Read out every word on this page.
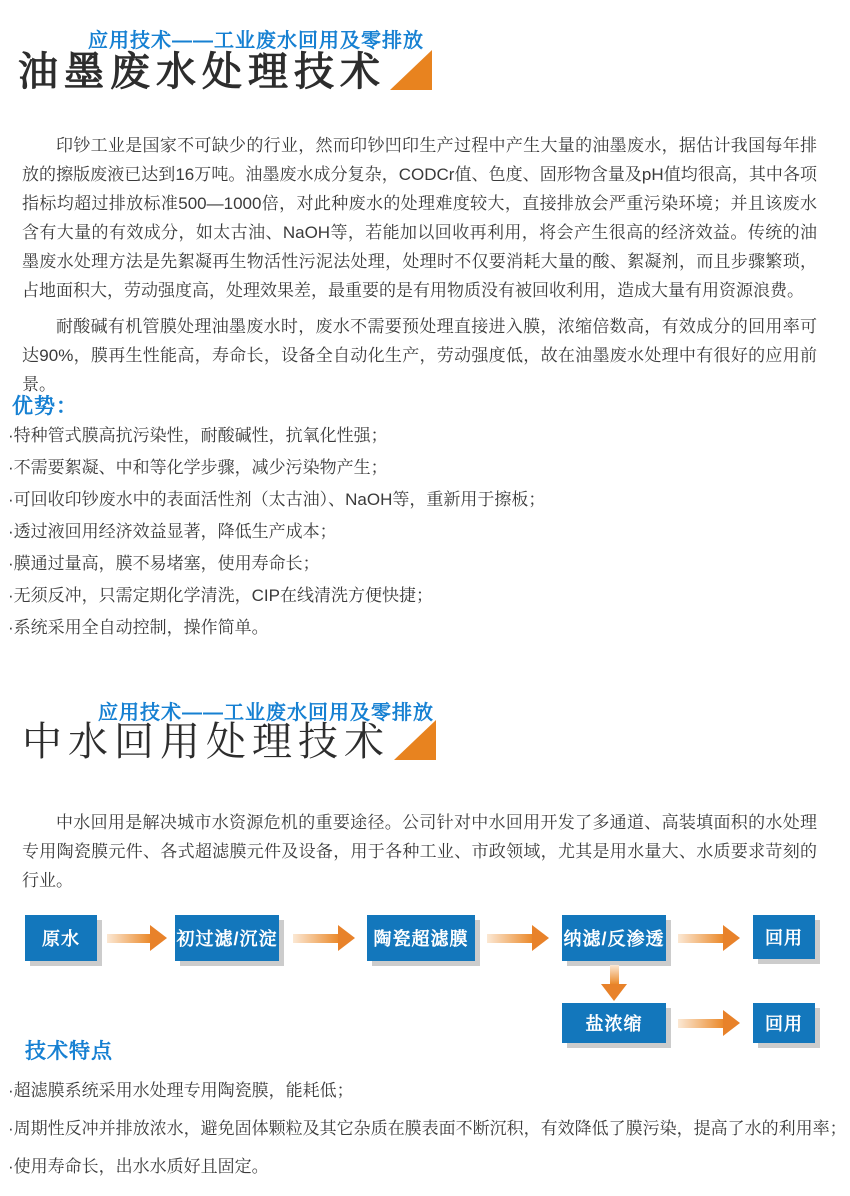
应用技术——工业废水回用及零排放
油墨废水处理技术
印钞工业是国家不可缺少的行业，然而印钞凹印生产过程中产生大量的油墨废水，据估计我国每年排放的擦版废液已达到16万吨。油墨废水成分复杂，CODCr值、色度、固形物含量及pH值均很高，其中各项指标均超过排放标准500—1000倍，对此种废水的处理难度较大，直接排放会严重污染环境；并且该废水含有大量的有效成分，如太古油、NaOH等，若能加以回收再利用，将会产生很高的经济效益。传统的油墨废水处理方法是先絮凝再生物活性污泥法处理，处理时不仅要消耗大量的酸、絮凝剂，而且步骤繁琐，占地面积大，劳动强度高，处理效果差，最重要的是有用物质没有被回收利用，造成大量有用资源浪费。
耐酸碱有机管膜处理油墨废水时，废水不需要预处理直接进入膜，浓缩倍数高，有效成分的回用率可达90%，膜再生性能高，寿命长，设备全自动化生产，劳动强度低，故在油墨废水处理中有很好的应用前景。
优势：
·特种管式膜高抗污染性，耐酸碱性，抗氧化性强；
·不需要絮凝、中和等化学步骤，减少污染物产生；
·可回收印钞废水中的表面活性剂（太古油）、NaOH等，重新用于擦板；
·透过液回用经济效益显著，降低生产成本；
·膜通过量高，膜不易堵塞，使用寿命长；
·无须反冲，只需定期化学清洗，CIP在线清洗方便快捷；
·系统采用全自动控制，操作简单。
应用技术——工业废水回用及零排放
中水回用处理技术
中水回用是解决城市水资源危机的重要途径。公司针对中水回用开发了多通道、高装填面积的水处理专用陶瓷膜元件、各式超滤膜元件及设备，用于各种工业、市政领域，尤其是用水量大、水质要求苛刻的行业。
原水	初过滤/沉淀	陶瓷超滤膜	纳滤/反渗透	回用
盐浓缩	回用
技术特点
·超滤膜系统采用水处理专用陶瓷膜，能耗低；
·周期性反冲并排放浓水，避免固体颗粒及其它杂质在膜表面不断沉积，有效降低了膜污染，提高了水的利用率；
·使用寿命长，出水水质好且固定。
